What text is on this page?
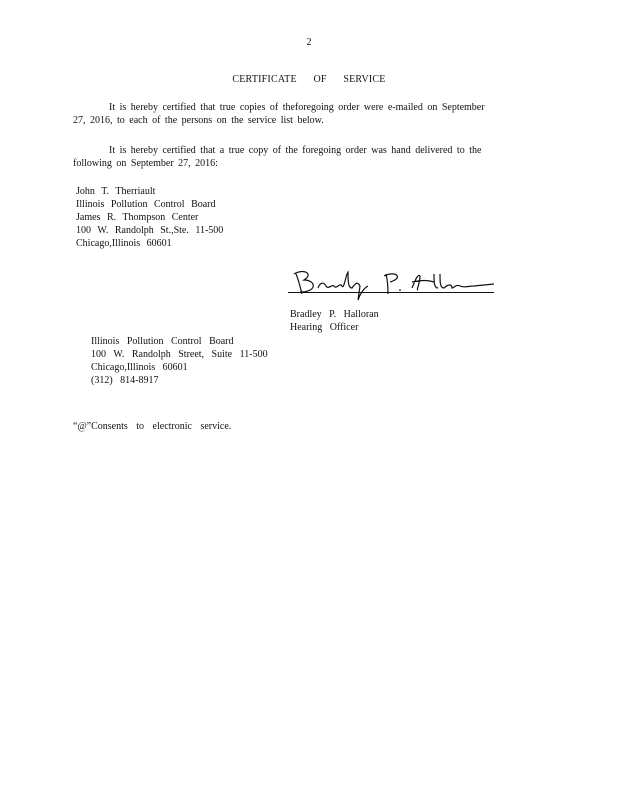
2
CERTIFICATE OF SERVICE
It is hereby certified that true copies of theforegoing order were e-mailed on September
27, 2016, to each of the persons on the service list below.
It is hereby certified that a true copy of the foregoing order was hand delivered to the
following on September 27, 2016:
John T. Therriault
Illinois Pollution Control Board
James R. Thompson Center
100 W. Randolph St.,Ste. 11-500
Chicago,Illinois 60601
Bradley P. Halloran
Hearing Officer
Illinois Pollution Control Board
100 W. Randolph Street, Suite 11-500
Chicago,Illinois 60601
(312) 814-8917
“@”Consents to electronic service.
